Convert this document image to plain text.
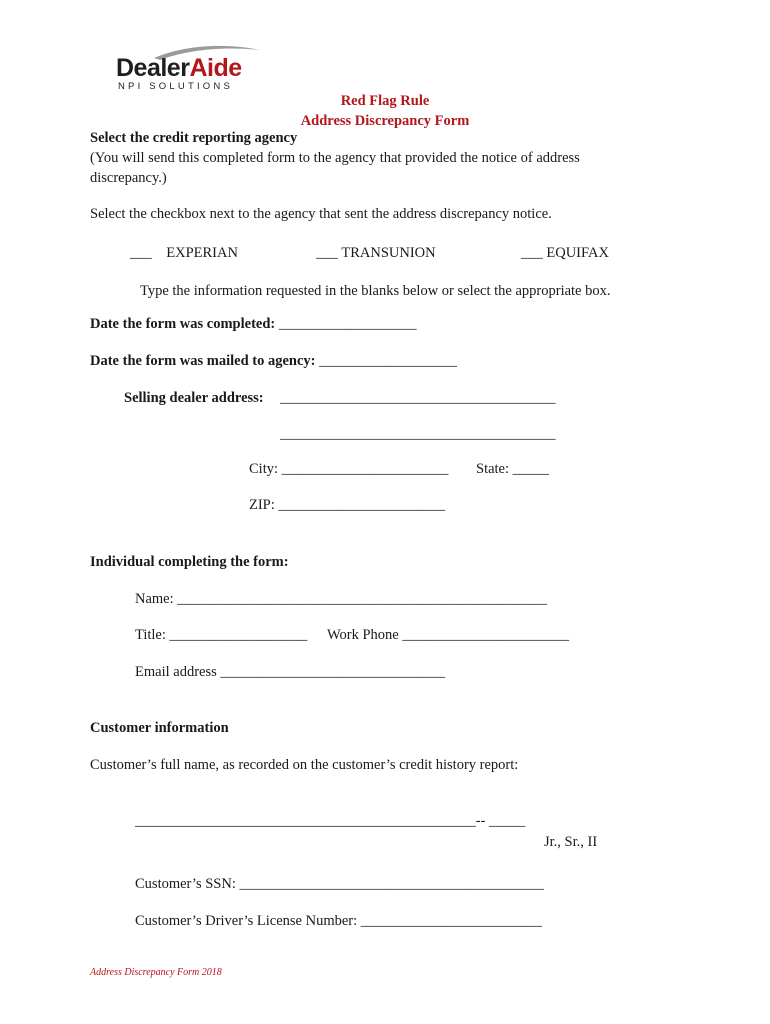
DealerAide
NPI SOLUTIONS
Red Flag Rule
Address Discrepancy Form
Select the credit reporting agency
(You will send this completed form to the agency that provided the notice of address
discrepancy.)
Select the checkbox next to the agency that sent the address discrepancy notice.
___ EXPERIAN	___ TRANSUNION	___ EQUIFAX
Type the information requested in the blanks below or select the appropriate box.
Date the form was completed: ___________________
Date the form was mailed to agency: ___________________
Selling dealer address: ______________________________________
______________________________________
City: _______________________ State: _____
ZIP: _______________________
Individual completing the form:
Name: ___________________________________________________
Title: ___________________ Work Phone _______________________
Email address _______________________________
Customer information
Customer’s full name, as recorded on the customer’s credit history report:
_______________________________________________-- _____
Jr., Sr., II
Customer’s SSN: __________________________________________
Customer’s Driver’s License Number: _________________________
Address Discrepancy Form 2018
